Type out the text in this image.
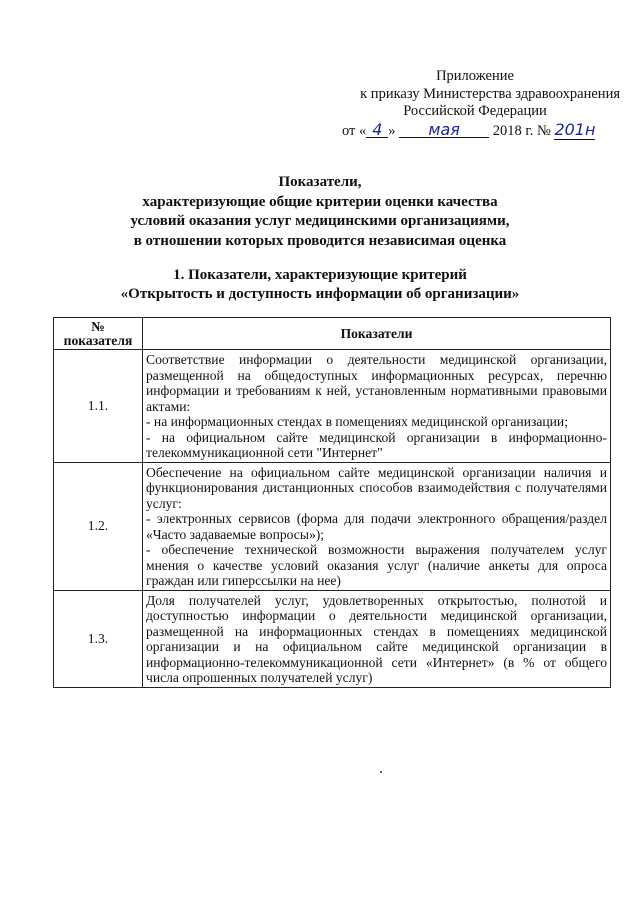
Приложение
к приказу Министерства здравоохранения
Российской Федерации
от « 4 » мая 2018 г. № 201н
Показатели,
характеризующие общие критерии оценки качества
условий оказания услуг медицинскими организациями,
в отношении которых проводится независимая оценка
1. Показатели, характеризующие критерий
«Открытость и доступность информации об организации»
№ показателя	Показатели
1.1.	Соответствие информации о деятельности медицинской организации, размещенной на общедоступных информационных ресурсах, перечню информации и требованиям к ней, установленным нормативными правовыми актами:
- на информационных стендах в помещениях медицинской организации;
- на официальном сайте медицинской организации в информационно-телекоммуникационной сети "Интернет"

1.2.	Обеспечение на официальном сайте медицинской организации наличия и функционирования дистанционных способов взаимодействия с получателями услуг:
- электронных сервисов (форма для подачи электронного обращения/раздел «Часто задаваемые вопросы»);
- обеспечение технической возможности выражения получателем услуг мнения о качестве условий оказания услуг (наличие анкеты для опроса граждан или гиперссылки на нее)

1.3.	Доля получателей услуг, удовлетворенных открытостью, полнотой и доступностью информации о деятельности медицинской организации, размещенной на информационных стендах в помещениях медицинской организации и на официальном сайте медицинской организации в информационно-телекоммуникационной сети «Интернет» (в % от общего числа опрошенных получателей услуг)
